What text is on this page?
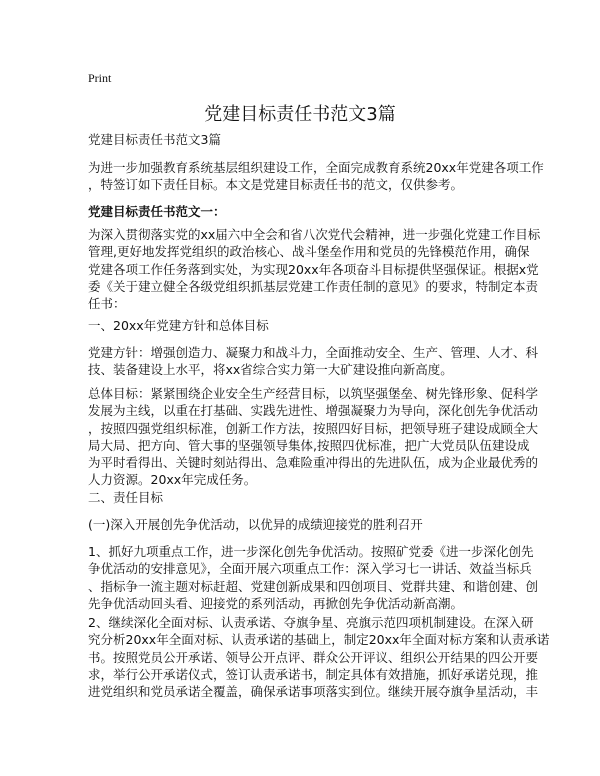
Print
党建目标责任书范文3篇
党建目标责任书范文3篇
为进一步加强教育系统基层组织建设工作，全面完成教育系统20xx年党建各项工作
，特签订如下责任目标。本文是党建目标责任书的范文，仅供参考。
党建目标责任书范文一：
为深入贯彻落实党的xx届六中全会和省八次党代会精神，进一步强化党建工作目标
管理,更好地发挥党组织的政治核心、战斗堡垒作用和党员的先锋模范作用，确保
党建各项工作任务落到实处，为实现20xx年各项奋斗目标提供坚强保证。根据x党
委《关于建立健全各级党组织抓基层党建工作责任制的意见》的要求，特制定本责
任书：
一、20xx年党建方针和总体目标
党建方针：增强创造力、凝聚力和战斗力，全面推动安全、生产、管理、人才、科
技、装备建设上水平，将xx省综合实力第一大矿建设推向新高度。
总体目标：紧紧围绕企业安全生产经营目标，以筑坚强堡垒、树先锋形象、促科学
发展为主线，以重在打基础、实践先进性、增强凝聚力为导向，深化创先争优活动
，按照四强党组织标准，创新工作方法，按照四好目标，把领导班子建设成顾全大
局大局、把方向、管大事的坚强领导集体,按照四优标准，把广大党员队伍建设成
为平时看得出、关键时刻站得出、急难险重冲得出的先进队伍，成为企业最优秀的
人力资源。20xx年完成任务。
二、责任目标
(一)深入开展创先争优活动，以优异的成绩迎接党的胜利召开
1、抓好九项重点工作，进一步深化创先争优活动。按照矿党委《进一步深化创先
争优活动的安排意见》，全面开展六项重点工作：深入学习七一讲话、效益当标兵
、指标争一流主题对标赶超、党建创新成果和四创项目、党群共建、和谐创建、创
先争优活动回头看、迎接党的系列活动，再掀创先争优活动新高潮。
2、继续深化全面对标、认责承诺、夺旗争星、亮旗示范四项机制建设。在深入研
究分析20xx年全面对标、认责承诺的基础上，制定20xx年全面对标方案和认责承诺
书。按照党员公开承诺、领导公开点评、群众公开评议、组织公开结果的四公开要
求，举行公开承诺仪式，签订认责承诺书，制定具体有效措施，抓好承诺兑现，推
进党组织和党员承诺全覆盖，确保承诺事项落实到位。继续开展夺旗争星活动，丰
